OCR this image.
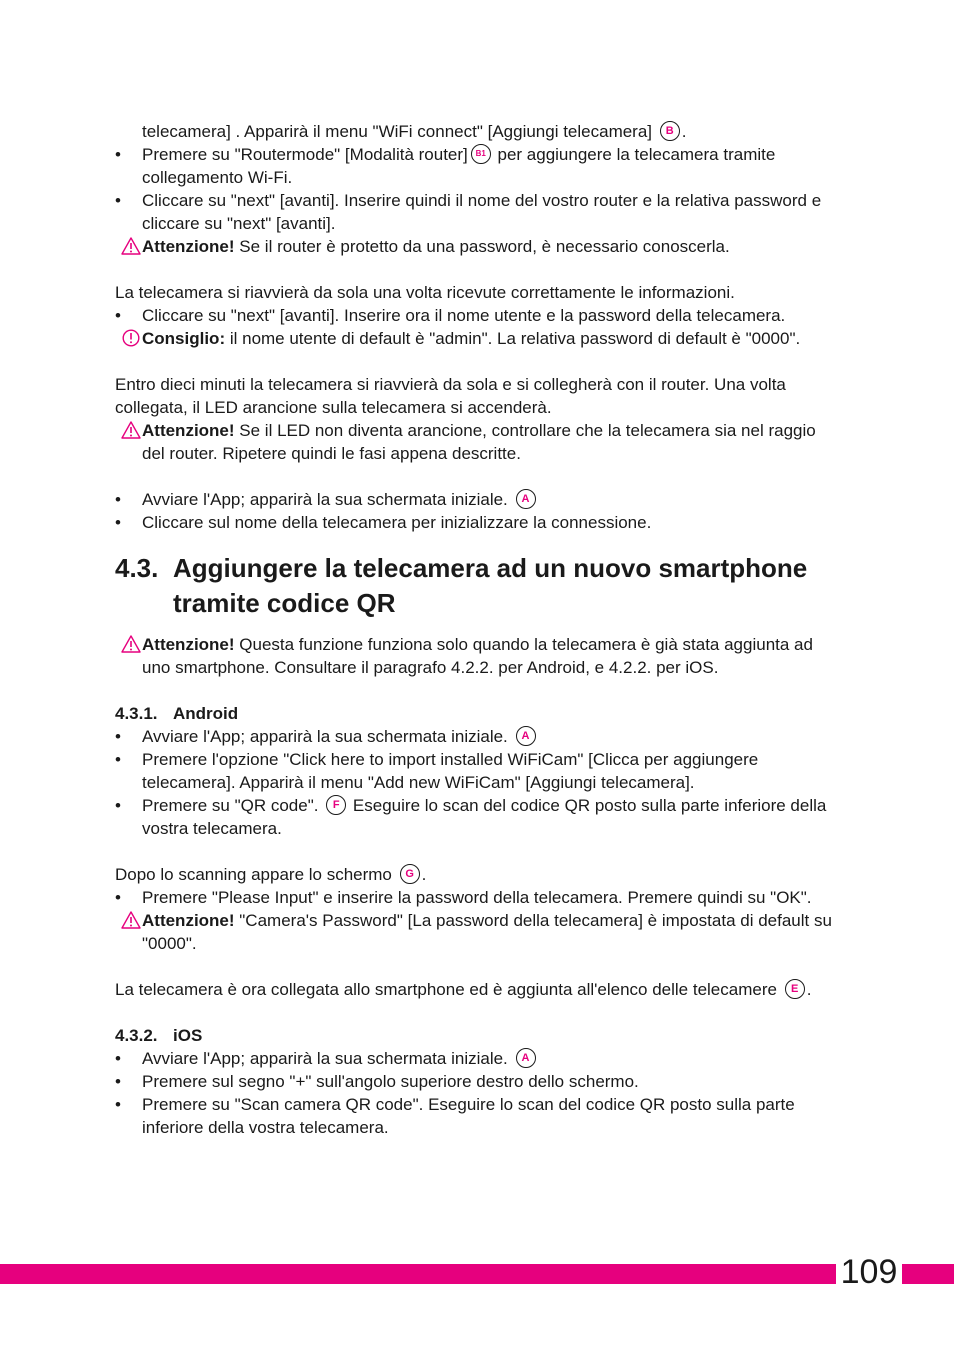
telecamera] . Apparirà il menu "WiFi connect" [Aggiungi telecamera] B .
• Premere su "Routermode" [Modalità router] B1 per aggiungere la telecamera tramite collegamento Wi-Fi.
• Cliccare su "next" [avanti]. Inserire quindi il nome del vostro router e la relativa password e cliccare su "next" [avanti].
Attenzione! Se il router è protetto da una password, è necessario conoscerla.

La telecamera si riavvierà da sola una volta ricevute correttamente le informazioni.

• Cliccare su "next" [avanti]. Inserire ora il nome utente e la password della telecamera.
Consiglio: il nome utente di default è "admin". La relativa password di default è "0000".

Entro dieci minuti la telecamera si riavvierà da sola e si collegherà con il router. Una volta collegata, il LED arancione sulla telecamera si accenderà.

Attenzione! Se il LED non diventa arancione, controllare che la telecamera sia nel raggio del router. Ripetere quindi le fasi appena descritte.
• Avviare l'App; apparirà la sua schermata iniziale. A
• Cliccare sul nome della telecamera per inizializzare la connessione.
4.3. Aggiungere la telecamera ad un nuovo smartphone tramite codice QR
Attenzione! Questa funzione funziona solo quando la telecamera è già stata aggiunta ad uno smartphone. Consultare il paragrafo 4.2.2. per Android, e 4.2.2. per iOS.

4.3.1. Android

• Avviare l'App; apparirà la sua schermata iniziale. A
• Premere l'opzione "Click here to import installed WiFiCam" [Clicca per aggiungere telecamera]. Apparirà il menu "Add new WiFiCam" [Aggiungi telecamera].
• Premere su "QR code". F Eseguire lo scan del codice QR posto sulla parte inferiore della vostra telecamera.

Dopo lo scanning appare lo schermo G .

• Premere "Please Input" e inserire la password della telecamera. Premere quindi su "OK".
Attenzione! "Camera's Password" [La password della telecamera] è impostata di default su "0000".

La telecamera è ora collegata allo smartphone ed è aggiunta all'elenco delle telecamere E .

4.3.2. iOS

• Avviare l'App; apparirà la sua schermata iniziale. A
• Premere sul segno "+" sull'angolo superiore destro dello schermo.
• Premere su "Scan camera QR code". Eseguire lo scan del codice QR posto sulla parte inferiore della vostra telecamera.
109
